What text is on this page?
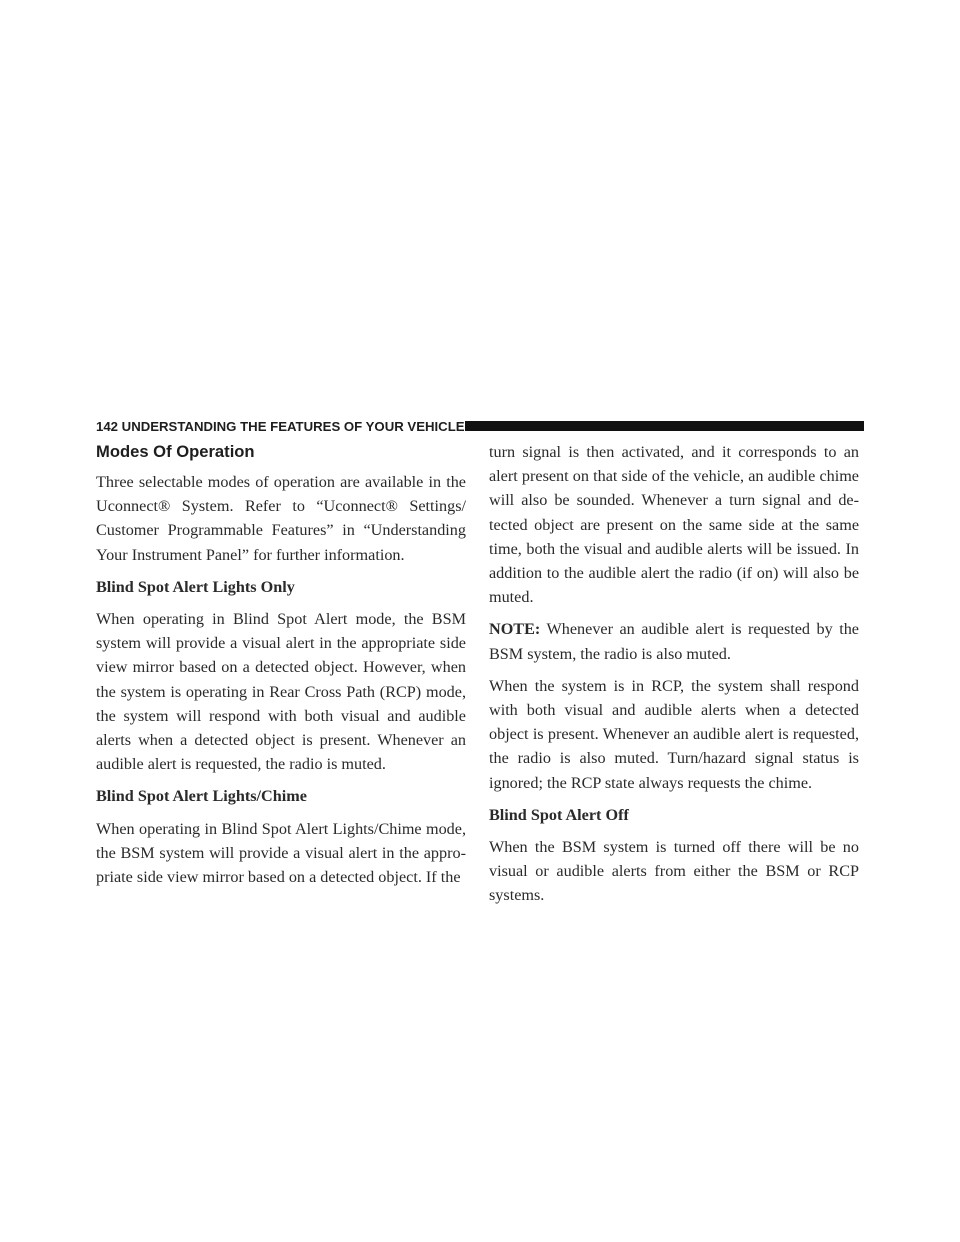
142 UNDERSTANDING THE FEATURES OF YOUR VEHICLE
Modes Of Operation

Three selectable modes of operation are available in the Uconnect® System. Refer to “Uconnect® Settings/ Customer Programmable Features” in “Understanding Your Instrument Panel” for further information.

Blind Spot Alert Lights Only

When operating in Blind Spot Alert mode, the BSM system will provide a visual alert in the appropriate side view mirror based on a detected object. However, when the system is operating in Rear Cross Path (RCP) mode, the system will respond with both visual and audible alerts when a detected object is present. Whenever an audible alert is requested, the radio is muted.

Blind Spot Alert Lights/Chime

When operating in Blind Spot Alert Lights/Chime mode, the BSM system will provide a visual alert in the appro-priate side view mirror based on a detected object. If the

turn signal is then activated, and it corresponds to an alert present on that side of the vehicle, an audible chime will also be sounded. Whenever a turn signal and de-tected object are present on the same side at the same time, both the visual and audible alerts will be issued. In addition to the audible alert the radio (if on) will also be muted.

NOTE: Whenever an audible alert is requested by the BSM system, the radio is also muted.

When the system is in RCP, the system shall respond with both visual and audible alerts when a detected object is present. Whenever an audible alert is requested, the radio is also muted. Turn/hazard signal status is ignored; the RCP state always requests the chime.

Blind Spot Alert Off

When the BSM system is turned off there will be no visual or audible alerts from either the BSM or RCP systems.
